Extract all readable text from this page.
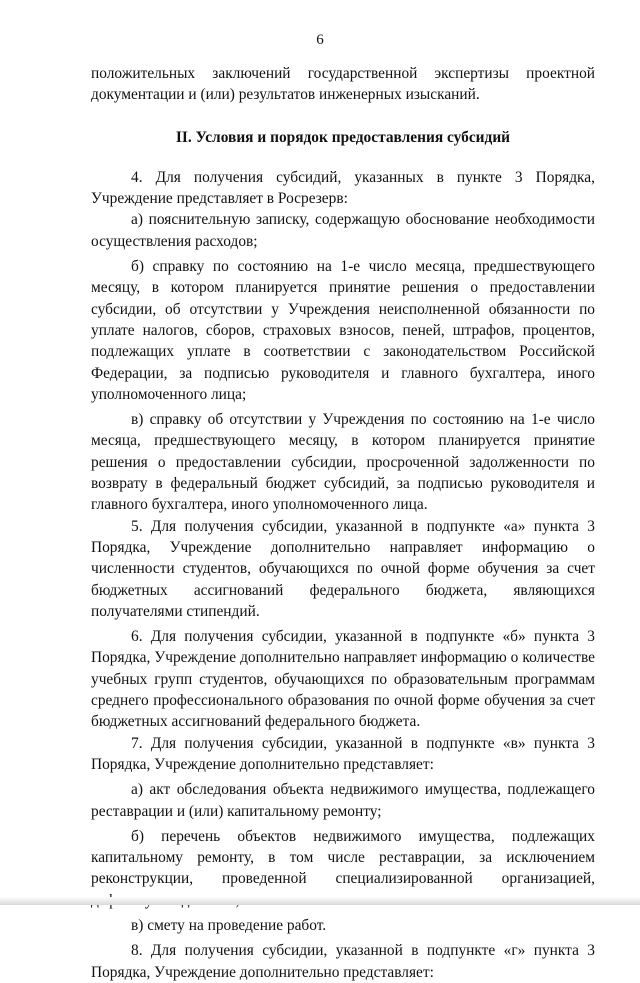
6

положительных заключений государственной экспертизы проектной документации и (или) результатов инженерных изысканий.

II. Условия и порядок предоставления субсидий

4. Для получения субсидий, указанных в пункте 3 Порядка, Учреждение представляет в Росрезерв:

а) пояснительную записку, содержащую обоснование необходимости осуществления расходов;

б) справку по состоянию на 1-е число месяца, предшествующего месяцу, в котором планируется принятие решения о предоставлении субсидии, об отсутствии у Учреждения неисполненной обязанности по уплате налогов, сборов, страховых взносов, пеней, штрафов, процентов, подлежащих уплате в соответствии с законодательством Российской Федерации, за подписью руководителя и главного бухгалтера, иного уполномоченного лица;

в) справку об отсутствии у Учреждения по состоянию на 1-е число месяца, предшествующего месяцу, в котором планируется принятие решения о предоставлении субсидии, просроченной задолженности по возврату в федеральный бюджет субсидий, за подписью руководителя и главного бухгалтера, иного уполномоченного лица.

5. Для получения субсидии, указанной в подпункте «а» пункта 3 Порядка, Учреждение дополнительно направляет информацию о численности студентов, обучающихся по очной форме обучения за счет бюджетных ассигнований федерального бюджета, являющихся получателями стипендий.

6. Для получения субсидии, указанной в подпункте «б» пункта 3 Порядка, Учреждение дополнительно направляет информацию о количестве учебных групп студентов, обучающихся по образовательным программам среднего профессионального образования по очной форме обучения за счет бюджетных ассигнований федерального бюджета.

7. Для получения субсидии, указанной в подпункте «в» пункта 3 Порядка, Учреждение дополнительно представляет:

а) акт обследования объекта недвижимого имущества, подлежащего реставрации и (или) капитальному ремонту;

б) перечень объектов недвижимого имущества, подлежащих капитальному ремонту, в том числе реставрации, за исключением реконструкции, проведенной специализированной организацией,

в) смету на проведение работ.

8. Для получения субсидии, указанной в подпункте «г» пункта 3 Порядка, Учреждение дополнительно представляет:
